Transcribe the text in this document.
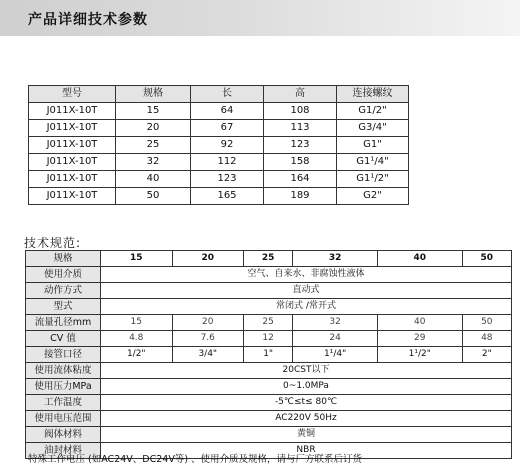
产品详细技术参数
型号	规格	长	高	连接螺纹
J011X-10T	15	64	108	G1/2"
J011X-10T	20	67	113	G3/4"
J011X-10T	25	92	123	G1"
J011X-10T	32	112	158	G1¹/4"
J011X-10T	40	123	164	G1¹/2"
J011X-10T	50	165	189	G2"
技术规范:
规格	15	20	25	32	40	50
使用介质	空气、自来水、非腐蚀性液体					
动作方式	直动式					
型式	常闭式 /常开式					
流量孔径mm	15	20	25	32	40	50
CV 值	4.8	7.6	12	24	29	48
接管口径	1/2"	3/4"	1"	1¹/4"	1¹/2"	2"
使用流体粘度	20CST以下					
使用压力MPa	0~1.0MPa					
工作温度	-5℃≤t≤ 80℃					
使用电压范围	AC220V 50Hz					
阀体材料	黄铜					
油封材料	NBR					
特殊工作电压 (如AC24V、DC24V等) 、使用介质及规格，请与厂方联系后订货
